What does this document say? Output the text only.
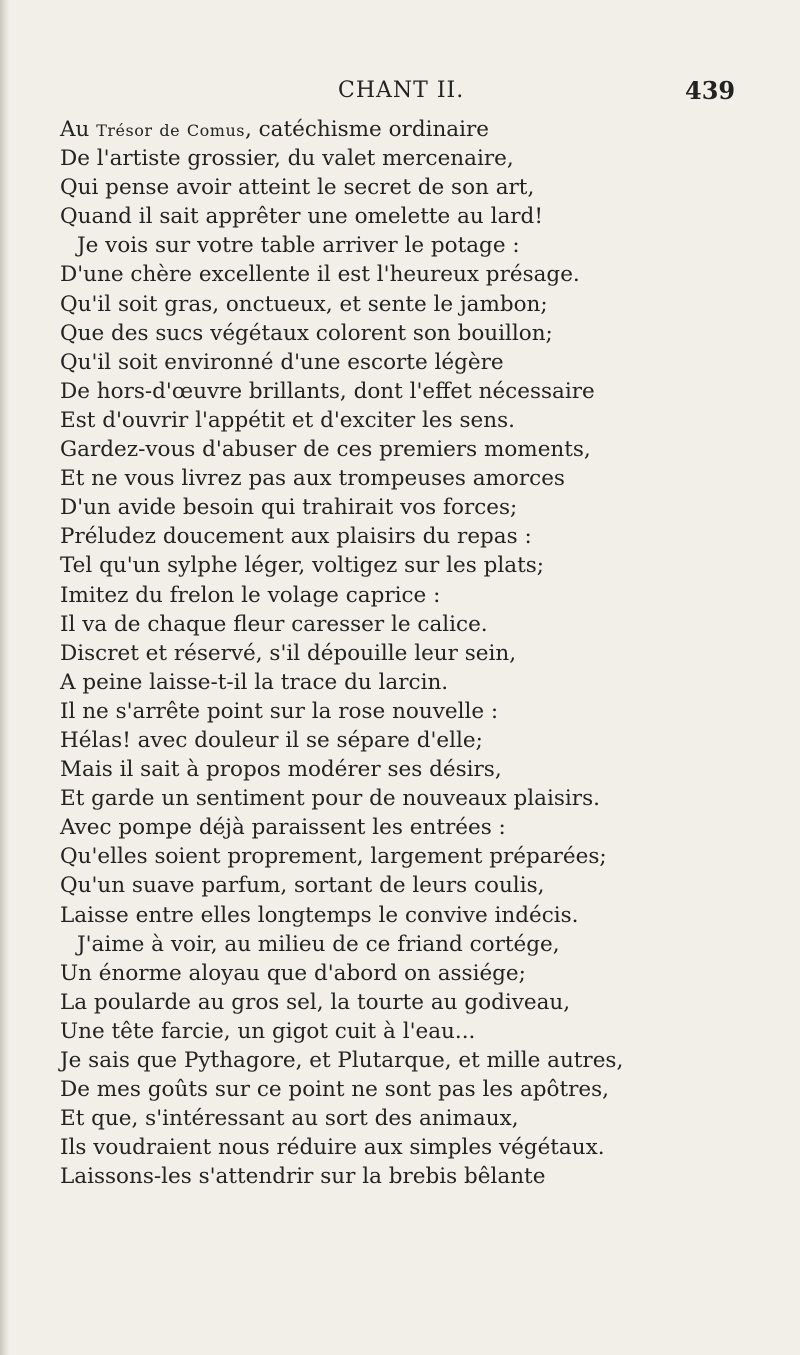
CHANT II.	439
Au Trésor de Comus, catéchisme ordinaire
De l'artiste grossier, du valet mercenaire,
Qui pense avoir atteint le secret de son art,
Quand il sait apprêter une omelette au lard!
Je vois sur votre table arriver le potage :
D'une chère excellente il est l'heureux présage.
Qu'il soit gras, onctueux, et sente le jambon;
Que des sucs végétaux colorent son bouillon;
Qu'il soit environné d'une escorte légère
De hors-d'œuvre brillants, dont l'effet nécessaire
Est d'ouvrir l'appétit et d'exciter les sens.
Gardez-vous d'abuser de ces premiers moments,
Et ne vous livrez pas aux trompeuses amorces
D'un avide besoin qui trahirait vos forces;
Préludez doucement aux plaisirs du repas :
Tel qu'un sylphe léger, voltigez sur les plats;
Imitez du frelon le volage caprice :
Il va de chaque fleur caresser le calice.
Discret et réservé, s'il dépouille leur sein,
A peine laisse-t-il la trace du larcin.
Il ne s'arrête point sur la rose nouvelle :
Hélas! avec douleur il se sépare d'elle;
Mais il sait à propos modérer ses désirs,
Et garde un sentiment pour de nouveaux plaisirs.
Avec pompe déjà paraissent les entrées :
Qu'elles soient proprement, largement préparées;
Qu'un suave parfum, sortant de leurs coulis,
Laisse entre elles longtemps le convive indécis.
J'aime à voir, au milieu de ce friand cortége,
Un énorme aloyau que d'abord on assiége;
La poularde au gros sel, la tourte au godiveau,
Une tête farcie, un gigot cuit à l'eau...
Je sais que Pythagore, et Plutarque, et mille autres,
De mes goûts sur ce point ne sont pas les apôtres,
Et que, s'intéressant au sort des animaux,
Ils voudraient nous réduire aux simples végétaux.
Laissons-les s'attendrir sur la brebis bêlante
